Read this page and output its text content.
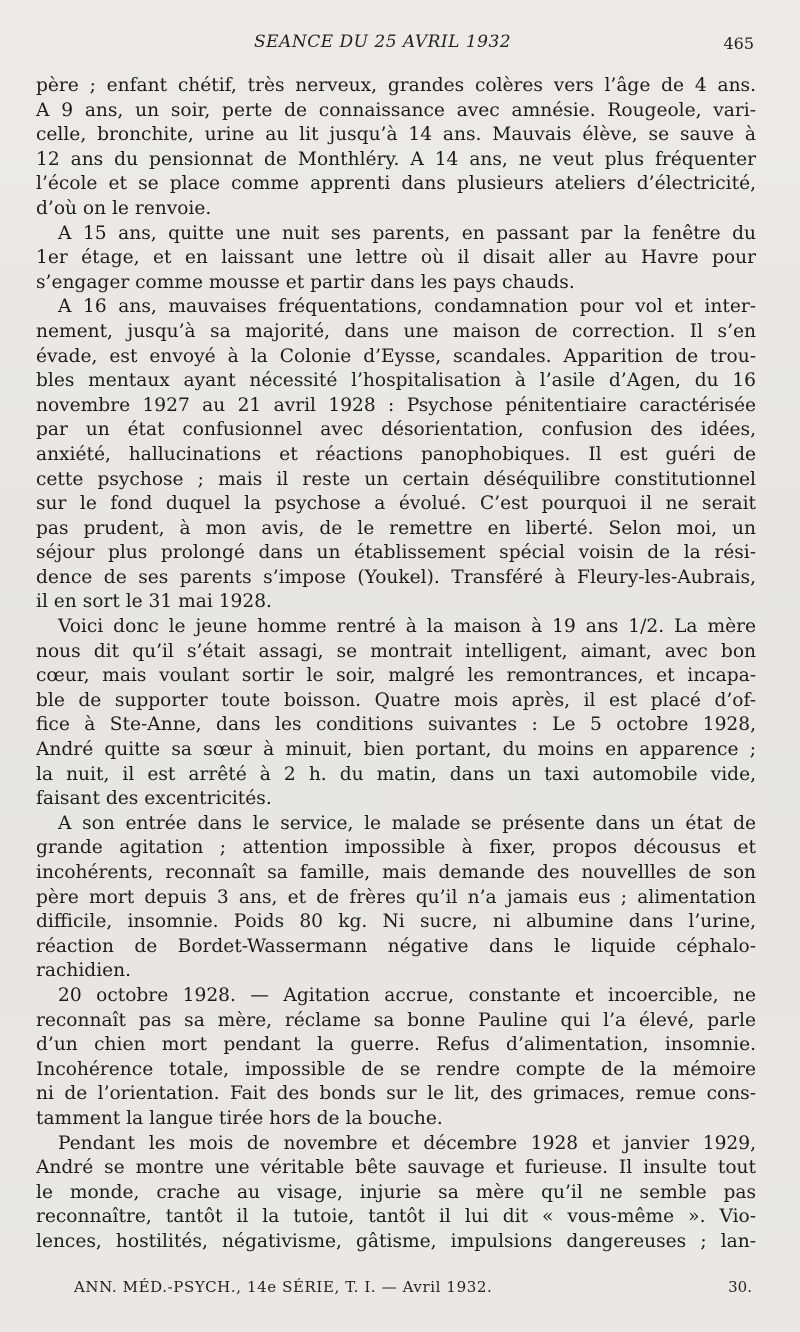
SEANCE DU 25 AVRIL 1932	465
père ; enfant chétif, très nerveux, grandes colères vers l’âge de 4 ans.
A 9 ans, un soir, perte de connaissance avec amnésie. Rougeole, vari-
celle, bronchite, urine au lit jusqu’à 14 ans. Mauvais élève, se sauve à
12 ans du pensionnat de Monthléry. A 14 ans, ne veut plus fréquenter
l’école et se place comme apprenti dans plusieurs ateliers d’électricité,
d’où on le renvoie.
A 15 ans, quitte une nuit ses parents, en passant par la fenêtre du
1er étage, et en laissant une lettre où il disait aller au Havre pour
s’engager comme mousse et partir dans les pays chauds.
A 16 ans, mauvaises fréquentations, condamnation pour vol et inter-
nement, jusqu’à sa majorité, dans une maison de correction. Il s’en
évade, est envoyé à la Colonie d’Eysse, scandales. Apparition de trou-
bles mentaux ayant nécessité l’hospitalisation à l’asile d’Agen, du 16
novembre 1927 au 21 avril 1928 : Psychose pénitentiaire caractérisée
par un état confusionnel avec désorientation, confusion des idées,
anxiété, hallucinations et réactions panophobiques. Il est guéri de
cette psychose ; mais il reste un certain déséquilibre constitutionnel
sur le fond duquel la psychose a évolué. C’est pourquoi il ne serait
pas prudent, à mon avis, de le remettre en liberté. Selon moi, un
séjour plus prolongé dans un établissement spécial voisin de la rési-
dence de ses parents s’impose (Youkel). Transféré à Fleury-les-Aubrais,
il en sort le 31 mai 1928.
Voici donc le jeune homme rentré à la maison à 19 ans 1/2. La mère
nous dit qu’il s’était assagi, se montrait intelligent, aimant, avec bon
cœur, mais voulant sortir le soir, malgré les remontrances, et incapa-
ble de supporter toute boisson. Quatre mois après, il est placé d’of-
fice à Ste-Anne, dans les conditions suivantes : Le 5 octobre 1928,
André quitte sa sœur à minuit, bien portant, du moins en apparence ;
la nuit, il est arrêté à 2 h. du matin, dans un taxi automobile vide,
faisant des excentricités.
A son entrée dans le service, le malade se présente dans un état de
grande agitation ; attention impossible à fixer, propos décousus et
incohérents, reconnaît sa famille, mais demande des nouvellles de son
père mort depuis 3 ans, et de frères qu’il n’a jamais eus ; alimentation
difficile, insomnie. Poids 80 kg. Ni sucre, ni albumine dans l’urine,
réaction de Bordet-Wassermann négative dans le liquide céphalo-
rachidien.
20 octobre 1928. — Agitation accrue, constante et incoercible, ne
reconnaît pas sa mère, réclame sa bonne Pauline qui l’a élevé, parle
d’un chien mort pendant la guerre. Refus d’alimentation, insomnie.
Incohérence totale, impossible de se rendre compte de la mémoire
ni de l’orientation. Fait des bonds sur le lit, des grimaces, remue cons-
tamment la langue tirée hors de la bouche.
Pendant les mois de novembre et décembre 1928 et janvier 1929,
André se montre une véritable bête sauvage et furieuse. Il insulte tout
le monde, crache au visage, injurie sa mère qu’il ne semble pas
reconnaître, tantôt il la tutoie, tantôt il lui dit « vous-même ». Vio-
lences, hostilités, négativisme, gâtisme, impulsions dangereuses ; lan-
ANN. MÉD.-PSYCH., 14e SÉRIE, T. I. — Avril 1932.	30.
